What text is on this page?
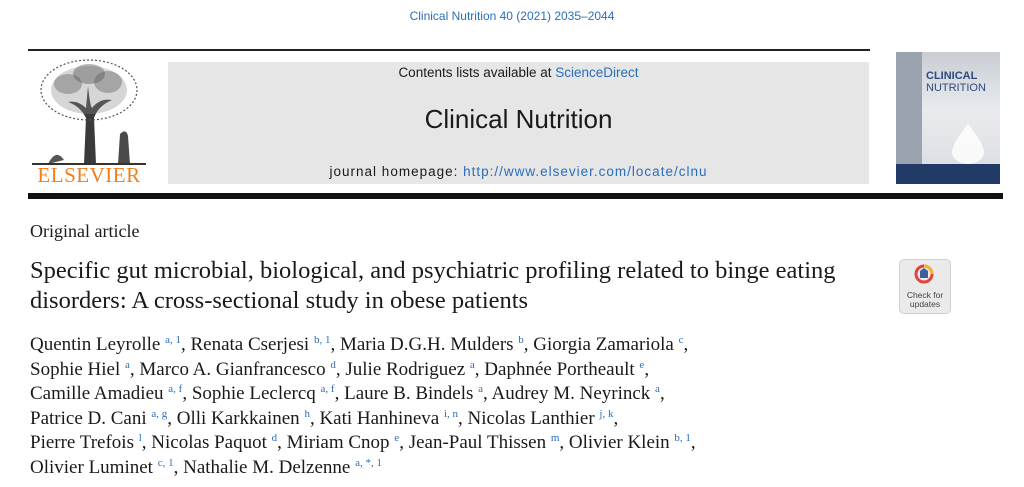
Clinical Nutrition 40 (2021) 2035–2044
ELSEVIER
Contents lists available at ScienceDirect
Clinical Nutrition
journal homepage: http://www.elsevier.com/locate/clnu
CLINICAL
NUTRITION
Original article
Specific gut microbial, biological, and psychiatric profiling related to binge eating disorders: A cross-sectional study in obese patients	Check for
updates
Quentin Leyrolle $^{a, 1}$, Renata Cserjesi $^{b, 1}$, Maria D.G.H. Mulders $^b$, Giorgia Zamariola $^c$,
Sophie Hiel $^a$, Marco A. Gianfrancesco $^d$, Julie Rodriguez $^a$, Daphnée Portheault $^e$,
Camille Amadieu $^{a, f}$, Sophie Leclercq $^{a, f}$, Laure B. Bindels $^a$, Audrey M. Neyrinck $^a$,
Patrice D. Cani $^{a, g}$, Olli Karkkainen $^h$, Kati Hanhineva $^{i, n}$, Nicolas Lanthier $^{j, k}$,
Pierre Trefois $^l$, Nicolas Paquot $^d$, Miriam Cnop $^e$, Jean-Paul Thissen $^m$, Olivier Klein $^{b, 1}$,
Olivier Luminet $^{c, 1}$, Nathalie M. Delzenne $^{a, *, 1}$
